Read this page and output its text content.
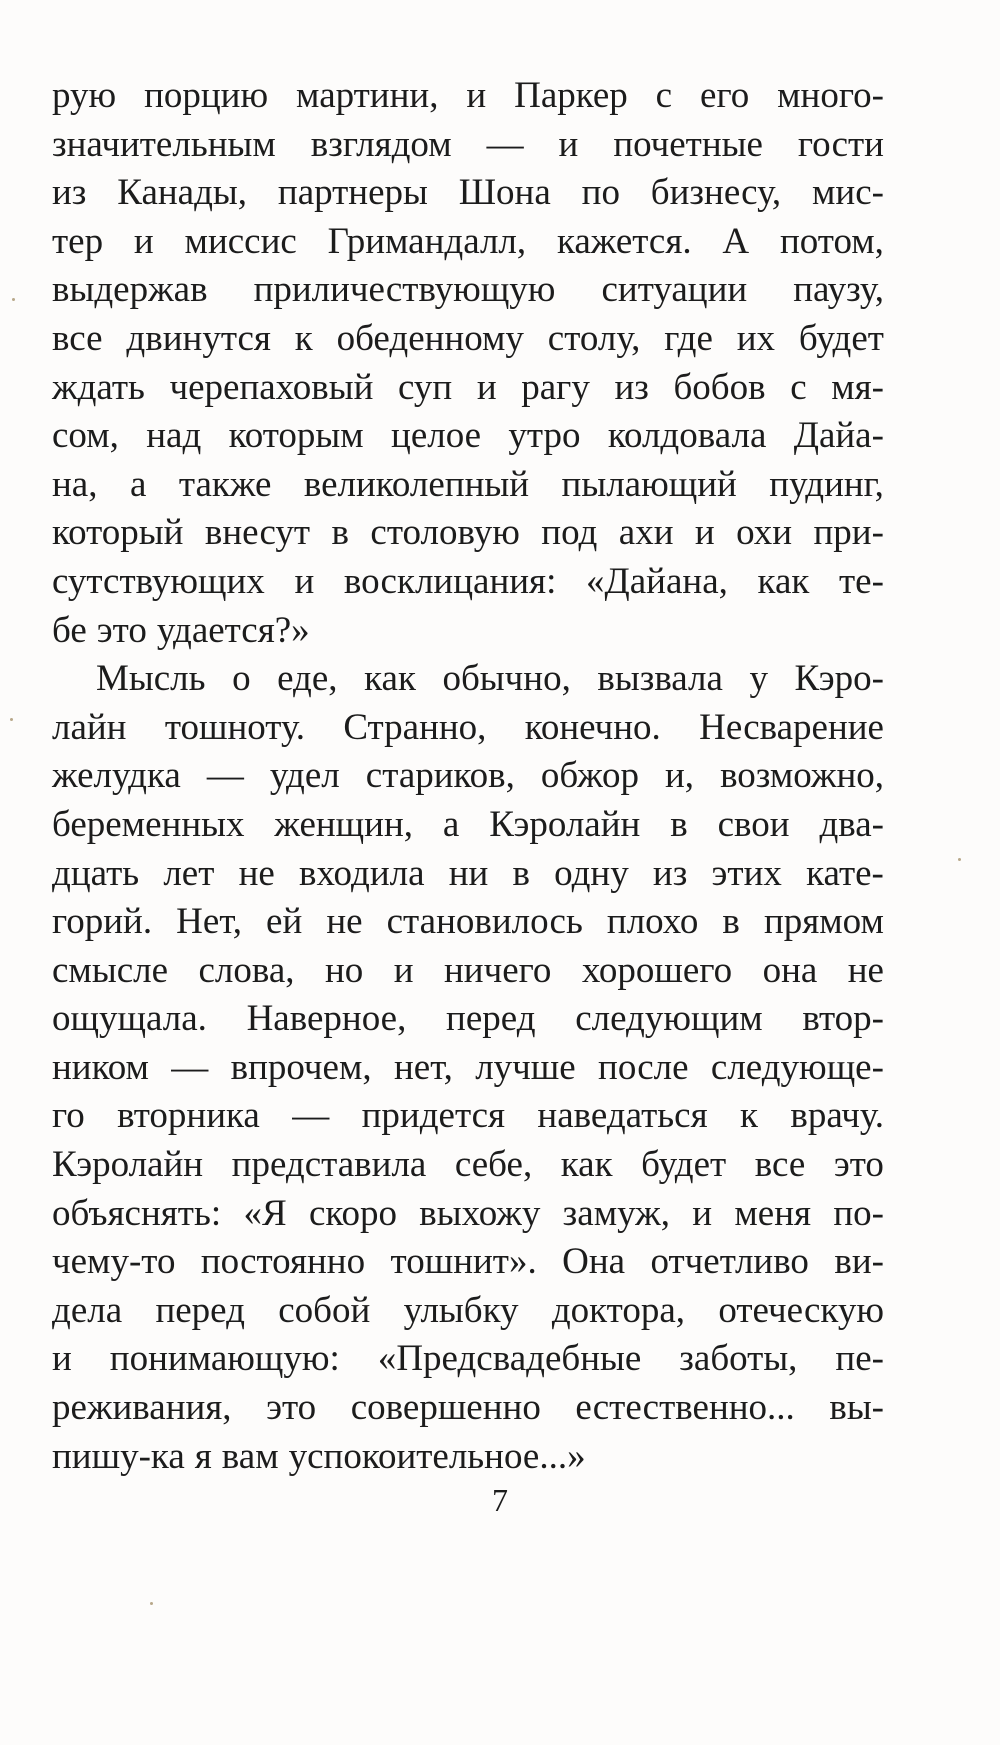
рую порцию мартини, и Паркер с его много-
значительным взглядом — и почетные гости
из Канады, партнеры Шона по бизнесу, мис-
тер и миссис Гримандалл, кажется. А потом,
выдержав приличествующую ситуации паузу,
все двинутся к обеденному столу, где их будет
ждать черепаховый суп и рагу из бобов с мя-
сом, над которым целое утро колдовала Дайа-
на, а также великолепный пылающий пудинг,
который внесут в столовую под ахи и охи при-
сутствующих и восклицания: «Дайана, как те-
бе это удается?»
Мысль о еде, как обычно, вызвала у Кэро-
лайн тошноту. Странно, конечно. Несварение
желудка — удел стариков, обжор и, возможно,
беременных женщин, а Кэролайн в свои два-
дцать лет не входила ни в одну из этих кате-
горий. Нет, ей не становилось плохо в прямом
смысле слова, но и ничего хорошего она не
ощущала. Наверное, перед следующим втор-
ником — впрочем, нет, лучше после следующе-
го вторника — придется наведаться к врачу.
Кэролайн представила себе, как будет все это
объяснять: «Я скоро выхожу замуж, и меня по-
чему-то постоянно тошнит». Она отчетливо ви-
дела перед собой улыбку доктора, отеческую
и понимающую: «Предсвадебные заботы, пе-
реживания, это совершенно естественно... вы-
пишу-ка я вам успокоительное...»
7
